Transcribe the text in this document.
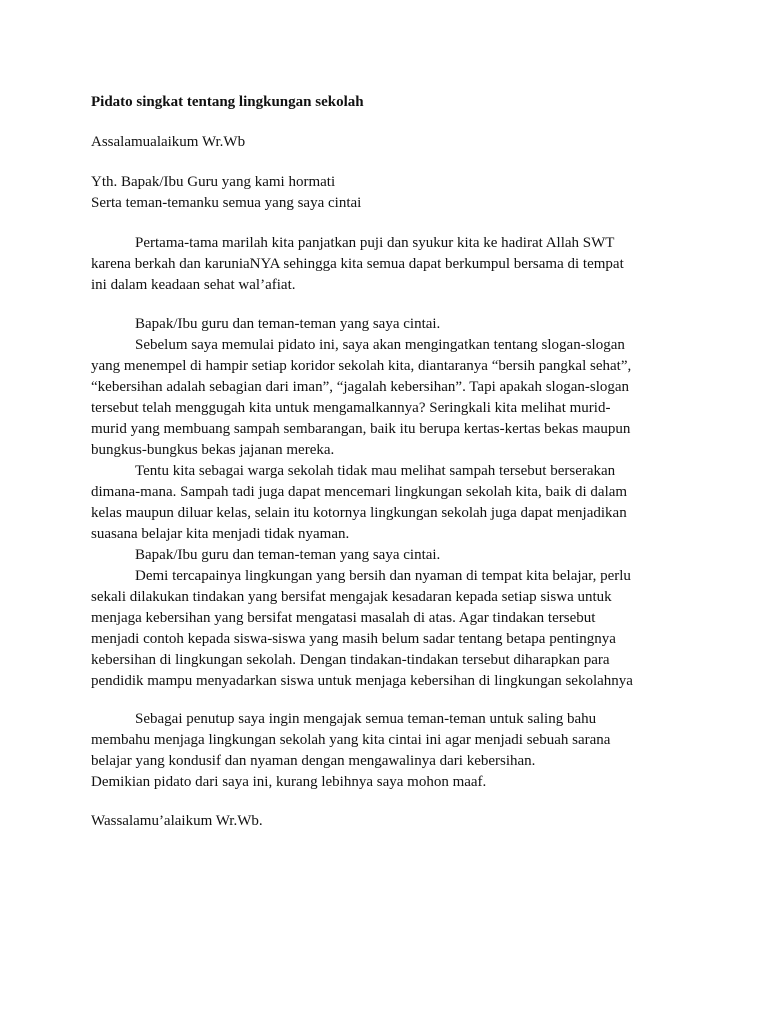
Pidato singkat tentang lingkungan sekolah
Assalamualaikum Wr.Wb
Yth. Bapak/Ibu Guru yang kami hormati
Serta teman-temanku semua yang saya cintai
Pertama-tama marilah kita panjatkan puji dan syukur kita ke hadirat Allah SWT
karena berkah dan karuniaNYA sehingga kita semua dapat berkumpul bersama di tempat
ini dalam keadaan sehat wal’afiat.
Bapak/Ibu guru dan teman-teman yang saya cintai.
Sebelum saya memulai pidato ini, saya akan mengingatkan tentang slogan-slogan
yang menempel di hampir setiap koridor sekolah kita, diantaranya “bersih pangkal sehat”,
“kebersihan adalah sebagian dari iman”, “jagalah kebersihan”. Tapi apakah slogan-slogan
tersebut telah menggugah kita untuk mengamalkannya? Seringkali kita melihat murid-
murid yang membuang sampah sembarangan, baik itu berupa kertas-kertas bekas maupun
bungkus-bungkus bekas jajanan mereka.
Tentu kita sebagai warga sekolah tidak mau melihat sampah tersebut berserakan
dimana-mana. Sampah tadi juga dapat mencemari lingkungan sekolah kita, baik di dalam
kelas maupun diluar kelas, selain itu kotornya lingkungan sekolah juga dapat menjadikan
suasana belajar kita menjadi tidak nyaman.
Bapak/Ibu guru dan teman-teman yang saya cintai.
Demi tercapainya lingkungan yang bersih dan nyaman di tempat kita belajar, perlu
sekali dilakukan tindakan yang bersifat mengajak kesadaran kepada setiap siswa untuk
menjaga kebersihan yang bersifat mengatasi masalah di atas. Agar tindakan tersebut
menjadi contoh kepada siswa-siswa yang masih belum sadar tentang betapa pentingnya
kebersihan di lingkungan sekolah. Dengan tindakan-tindakan tersebut diharapkan para
pendidik mampu menyadarkan siswa untuk menjaga kebersihan di lingkungan sekolahnya
Sebagai penutup saya ingin mengajak semua teman-teman untuk saling bahu
membahu menjaga lingkungan sekolah yang kita cintai ini agar menjadi sebuah sarana
belajar yang kondusif dan nyaman dengan mengawalinya dari kebersihan.
Demikian pidato dari saya ini, kurang lebihnya saya mohon maaf.
Wassalamu’alaikum Wr.Wb.
